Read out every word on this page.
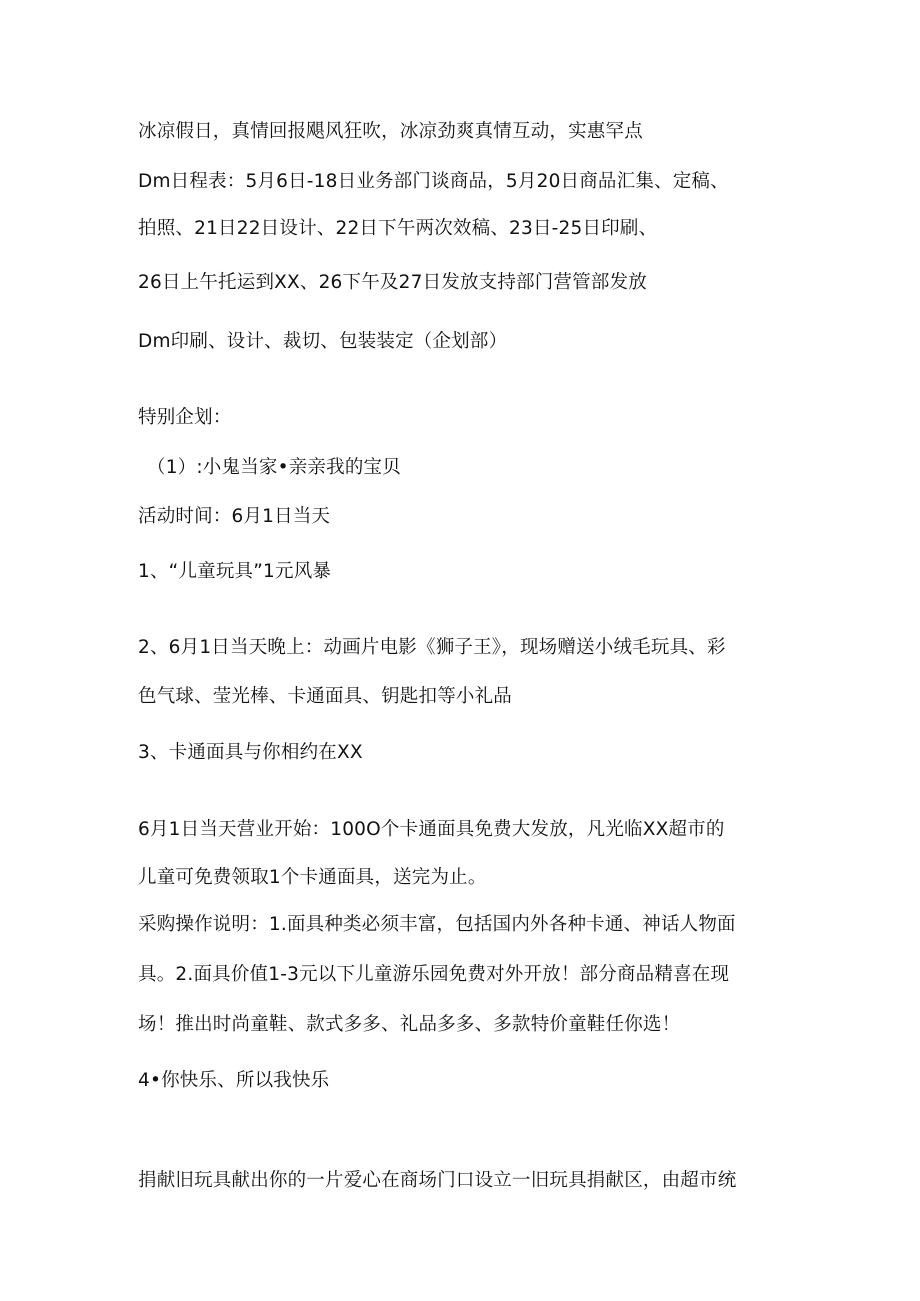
冰凉假日，真情回报飓风狂吹，冰凉劲爽真情互动，实惠罕点
Dm日程表：5月6日-18日业务部门谈商品，5月20日商品汇集、定稿、
拍照、21日22日设计、22日下午两次效稿、23日-25日印刷、
26日上午托运到XX、26下午及27日发放支持部门营管部发放
Dm印刷、设计、裁切、包装装定（企划部）
特别企划：
（1）:小鬼当家•亲亲我的宝贝
活动时间：6月1日当天
1、“儿童玩具”1元风暴
2、6月1日当天晚上：动画片电影《狮子王》，现场赠送小绒毛玩具、彩
色气球、莹光棒、卡通面具、钥匙扣等小礼品
3、卡通面具与你相约在XX
6月1日当天营业开始：100O个卡通面具免费大发放，凡光临XX超市的
儿童可免费领取1个卡通面具，送完为止。
采购操作说明：1.面具种类必须丰富，包括国内外各种卡通、神话人物面
具。2.面具价值1-3元以下儿童游乐园免费对外开放！部分商品精喜在现
场！推出时尚童鞋、款式多多、礼品多多、多款特价童鞋任你选！
4•你快乐、所以我快乐
捐献旧玩具献出你的一片爱心在商场门口设立一旧玩具捐献区，由超市统
